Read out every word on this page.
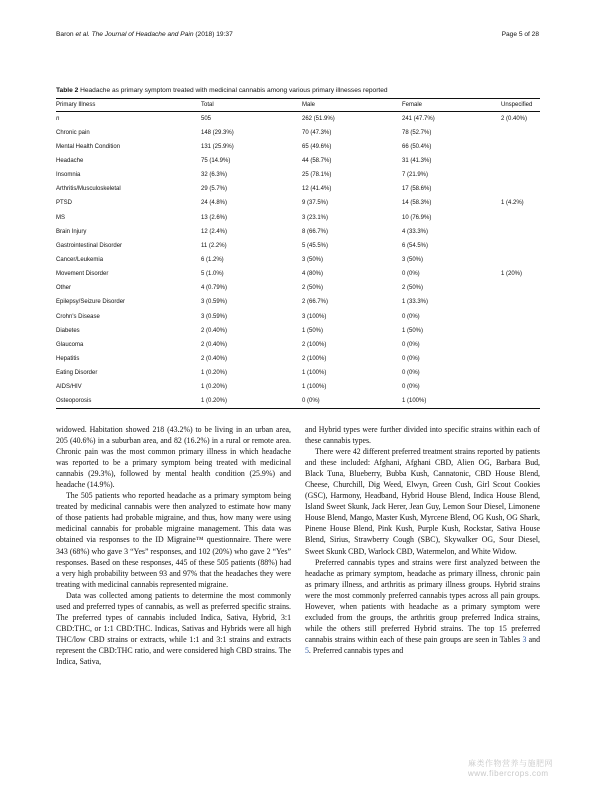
Baron et al. The Journal of Headache and Pain (2018) 19:37	Page 5 of 28
Table 2 Headache as primary symptom treated with medicinal cannabis among various primary illnesses reported
Primary Illness	Total	Male	Female	Unspecified
n	505	262 (51.9%)	241 (47.7%)	2 (0.40%)
Chronic pain	148 (29.3%)	70 (47.3%)	78 (52.7%)	
Mental Health Condition	131 (25.9%)	65 (49.6%)	66 (50.4%)	
Headache	75 (14.9%)	44 (58.7%)	31 (41.3%)	
Insomnia	32 (6.3%)	25 (78.1%)	7 (21.9%)	
Arthritis/Musculoskeletal	29 (5.7%)	12 (41.4%)	17 (58.6%)	
PTSD	24 (4.8%)	9 (37.5%)	14 (58.3%)	1 (4.2%)
MS	13 (2.6%)	3 (23.1%)	10 (76.9%)	
Brain Injury	12 (2.4%)	8 (66.7%)	4 (33.3%)	
Gastrointestinal Disorder	11 (2.2%)	5 (45.5%)	6 (54.5%)	
Cancer/Leukemia	6 (1.2%)	3 (50%)	3 (50%)	
Movement Disorder	5 (1.0%)	4 (80%)	0 (0%)	1 (20%)
Other	4 (0.79%)	2 (50%)	2 (50%)	
Epilepsy/Seizure Disorder	3 (0.59%)	2 (66.7%)	1 (33.3%)	
Crohn's Disease	3 (0.59%)	3 (100%)	0 (0%)	
Diabetes	2 (0.40%)	1 (50%)	1 (50%)	
Glaucoma	2 (0.40%)	2 (100%)	0 (0%)	
Hepatitis	2 (0.40%)	2 (100%)	0 (0%)	
Eating Disorder	1 (0.20%)	1 (100%)	0 (0%)	
AIDS/HIV	1 (0.20%)	1 (100%)	0 (0%)	
Osteoporosis	1 (0.20%)	0 (0%)	1 (100%)	

widowed. Habitation showed 218 (43.2%) to be living in an urban area, 205 (40.6%) in a suburban area, and 82 (16.2%) in a rural or remote area. Chronic pain was the most common primary illness in which headache was reported to be a primary symptom being treated with medicinal cannabis (29.3%), followed by mental health condition (25.9%) and headache (14.9%).

The 505 patients who reported headache as a primary symptom being treated by medicinal cannabis were then analyzed to estimate how many of those patients had probable migraine, and thus, how many were using medicinal cannabis for probable migraine management. This data was obtained via responses to the ID Migraine™ questionnaire. There were 343 (68%) who gave 3 “Yes” responses, and 102 (20%) who gave 2 “Yes” responses. Based on these responses, 445 of these 505 patients (88%) had a very high probability between 93 and 97% that the headaches they were treating with medicinal cannabis represented migraine.

Data was collected among patients to determine the most commonly used and preferred types of cannabis, as well as preferred specific strains. The preferred types of cannabis included Indica, Sativa, Hybrid, 3:1 CBD:THC, or 1:1 CBD:THC. Indicas, Sativas and Hybrids were all high THC/low CBD strains or extracts, while 1:1 and 3:1 strains and extracts represent the CBD:THC ratio, and were considered high CBD strains. The Indica, Sativa,

and Hybrid types were further divided into specific strains within each of these cannabis types.

There were 42 different preferred treatment strains reported by patients and these included: Afghani, Afghani CBD, Alien OG, Barbara Bud, Black Tuna, Blueberry, Bubba Kush, Cannatonic, CBD House Blend, Cheese, Churchill, Dig Weed, Elwyn, Green Cush, Girl Scout Cookies (GSC), Harmony, Headband, Hybrid House Blend, Indica House Blend, Island Sweet Skunk, Jack Herer, Jean Guy, Lemon Sour Diesel, Limonene House Blend, Mango, Master Kush, Myrcene Blend, OG Kush, OG Shark, Pinene House Blend, Pink Kush, Purple Kush, Rockstar, Sativa House Blend, Sirius, Strawberry Cough (SBC), Skywalker OG, Sour Diesel, Sweet Skunk CBD, Warlock CBD, Watermelon, and White Widow.

Preferred cannabis types and strains were first analyzed between the headache as primary symptom, headache as primary illness, chronic pain as primary illness, and arthritis as primary illness groups. Hybrid strains were the most commonly preferred cannabis types across all pain groups. However, when patients with headache as a primary symptom were excluded from the groups, the arthritis group preferred Indica strains, while the others still preferred Hybrid strains. The top 15 preferred cannabis strains within each of these pain groups are seen in Tables 3 and 5. Preferred cannabis types and

麻类作物营养与施肥网 www.fibercrops.com
